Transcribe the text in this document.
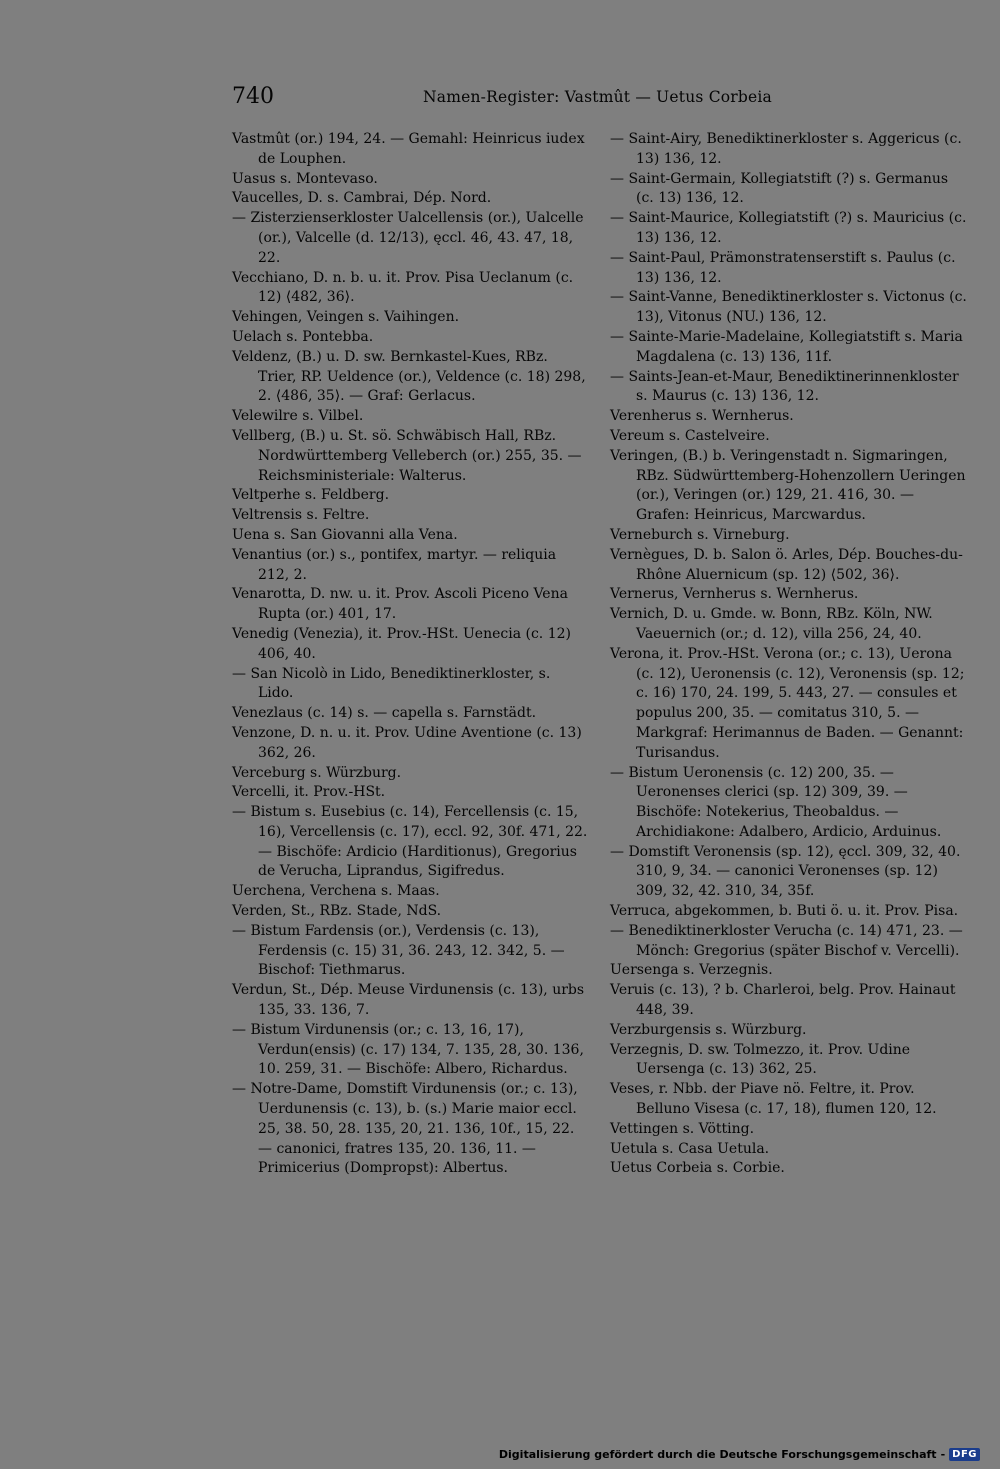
740	Namen-Register: Vastmût — Uetus Corbeia

Vastmût (or.) 194, 24. — Gemahl: Heinricus iudex de Louphen.

Uasus s. Montevaso.

Vaucelles, D. s. Cambrai, Dép. Nord.

— Zisterzienserkloster Ualcellensis (or.), Ualcelle (or.), Valcelle (d. 12/13), ęccl. 46, 43. 47, 18, 22.

Vecchiano, D. n. b. u. it. Prov. Pisa Ueclanum (c. 12) ⟨482, 36⟩.

Vehingen, Veingen s. Vaihingen.

Uelach s. Pontebba.

Veldenz, (B.) u. D. sw. Bernkastel-Kues, RBz. Trier, RP. Ueldence (or.), Veldence (c. 18) 298, 2. ⟨486, 35⟩. — Graf: Gerlacus.

Velewilre s. Vilbel.

Vellberg, (B.) u. St. sö. Schwäbisch Hall, RBz. Nordwürttemberg Velleberch (or.) 255, 35. — Reichsministeriale: Walterus.

Veltperhe s. Feldberg.

Veltrensis s. Feltre.

Uena s. San Giovanni alla Vena.

Venantius (or.) s., pontifex, martyr. — reliquia 212, 2.

Venarotta, D. nw. u. it. Prov. Ascoli Piceno Vena Rupta (or.) 401, 17.

Venedig (Venezia), it. Prov.-HSt. Uenecia (c. 12) 406, 40.

— San Nicolò in Lido, Benediktinerkloster, s. Lido.

Venezlaus (c. 14) s. — capella s. Farnstädt.

Venzone, D. n. u. it. Prov. Udine Aventione (c. 13) 362, 26.

Verceburg s. Würzburg.

Vercelli, it. Prov.-HSt.

— Bistum s. Eusebius (c. 14), Fercellensis (c. 15, 16), Vercellensis (c. 17), eccl. 92, 30f. 471, 22. — Bischöfe: Ardicio (Harditionus), Gregorius de Verucha, Liprandus, Sigifredus.

Uerchena, Verchena s. Maas.

Verden, St., RBz. Stade, NdS.

— Bistum Fardensis (or.), Verdensis (c. 13), Ferdensis (c. 15) 31, 36. 243, 12. 342, 5. — Bischof: Tiethmarus.

Verdun, St., Dép. Meuse Virdunensis (c. 13), urbs 135, 33. 136, 7.

— Bistum Virdunensis (or.; c. 13, 16, 17), Verdun(ensis) (c. 17) 134, 7. 135, 28, 30. 136, 10. 259, 31. — Bischöfe: Albero, Richardus.

— Notre-Dame, Domstift Virdunensis (or.; c. 13), Uerdunensis (c. 13), b. (s.) Marie maior eccl. 25, 38. 50, 28. 135, 20, 21. 136, 10f., 15, 22. — canonici, fratres 135, 20. 136, 11. — Primicerius (Dompropst): Albertus.

— Saint-Airy, Benediktinerkloster s. Aggericus (c. 13) 136, 12.

— Saint-Germain, Kollegiatstift (?) s. Germanus (c. 13) 136, 12.

— Saint-Maurice, Kollegiatstift (?) s. Mauricius (c. 13) 136, 12.

— Saint-Paul, Prämonstratenserstift s. Paulus (c. 13) 136, 12.

— Saint-Vanne, Benediktinerkloster s. Victonus (c. 13), Vitonus (NU.) 136, 12.

— Sainte-Marie-Madelaine, Kollegiatstift s. Maria Magdalena (c. 13) 136, 11f.

— Saints-Jean-et-Maur, Benediktinerinnenkloster s. Maurus (c. 13) 136, 12.

Verenherus s. Wernherus.

Vereum s. Castelveire.

Veringen, (B.) b. Veringenstadt n. Sigmaringen, RBz. Südwürttemberg-Hohenzollern Ueringen (or.), Veringen (or.) 129, 21. 416, 30. — Grafen: Heinricus, Marcwardus.

Verneburch s. Virneburg.

Vernègues, D. b. Salon ö. Arles, Dép. Bouches-du-Rhône Aluernicum (sp. 12) ⟨502, 36⟩.

Vernerus, Vernherus s. Wernherus.

Vernich, D. u. Gmde. w. Bonn, RBz. Köln, NW. Vaeuernich (or.; d. 12), villa 256, 24, 40.

Verona, it. Prov.-HSt. Verona (or.; c. 13), Uerona (c. 12), Ueronensis (c. 12), Veronensis (sp. 12; c. 16) 170, 24. 199, 5. 443, 27. — consules et populus 200, 35. — comitatus 310, 5. — Markgraf: Herimannus de Baden. — Genannt: Turisandus.

— Bistum Ueronensis (c. 12) 200, 35. — Ueronenses clerici (sp. 12) 309, 39. — Bischöfe: Notekerius, Theobaldus. — Archidiakone: Adalbero, Ardicio, Arduinus.

— Domstift Veronensis (sp. 12), ęccl. 309, 32, 40. 310, 9, 34. — canonici Veronenses (sp. 12) 309, 32, 42. 310, 34, 35f.

Verruca, abgekommen, b. Buti ö. u. it. Prov. Pisa.

— Benediktinerkloster Verucha (c. 14) 471, 23. — Mönch: Gregorius (später Bischof v. Vercelli).

Uersenga s. Verzegnis.

Veruis (c. 13), ? b. Charleroi, belg. Prov. Hainaut 448, 39.

Verzburgensis s. Würzburg.

Verzegnis, D. sw. Tolmezzo, it. Prov. Udine Uersenga (c. 13) 362, 25.

Veses, r. Nbb. der Piave nö. Feltre, it. Prov. Belluno Visesa (c. 17, 18), flumen 120, 12.

Vettingen s. Vötting.

Uetula s. Casa Uetula.

Uetus Corbeia s. Corbie.

Digitalisierung gefördert durch die Deutsche Forschungsgemeinschaft - DFG
